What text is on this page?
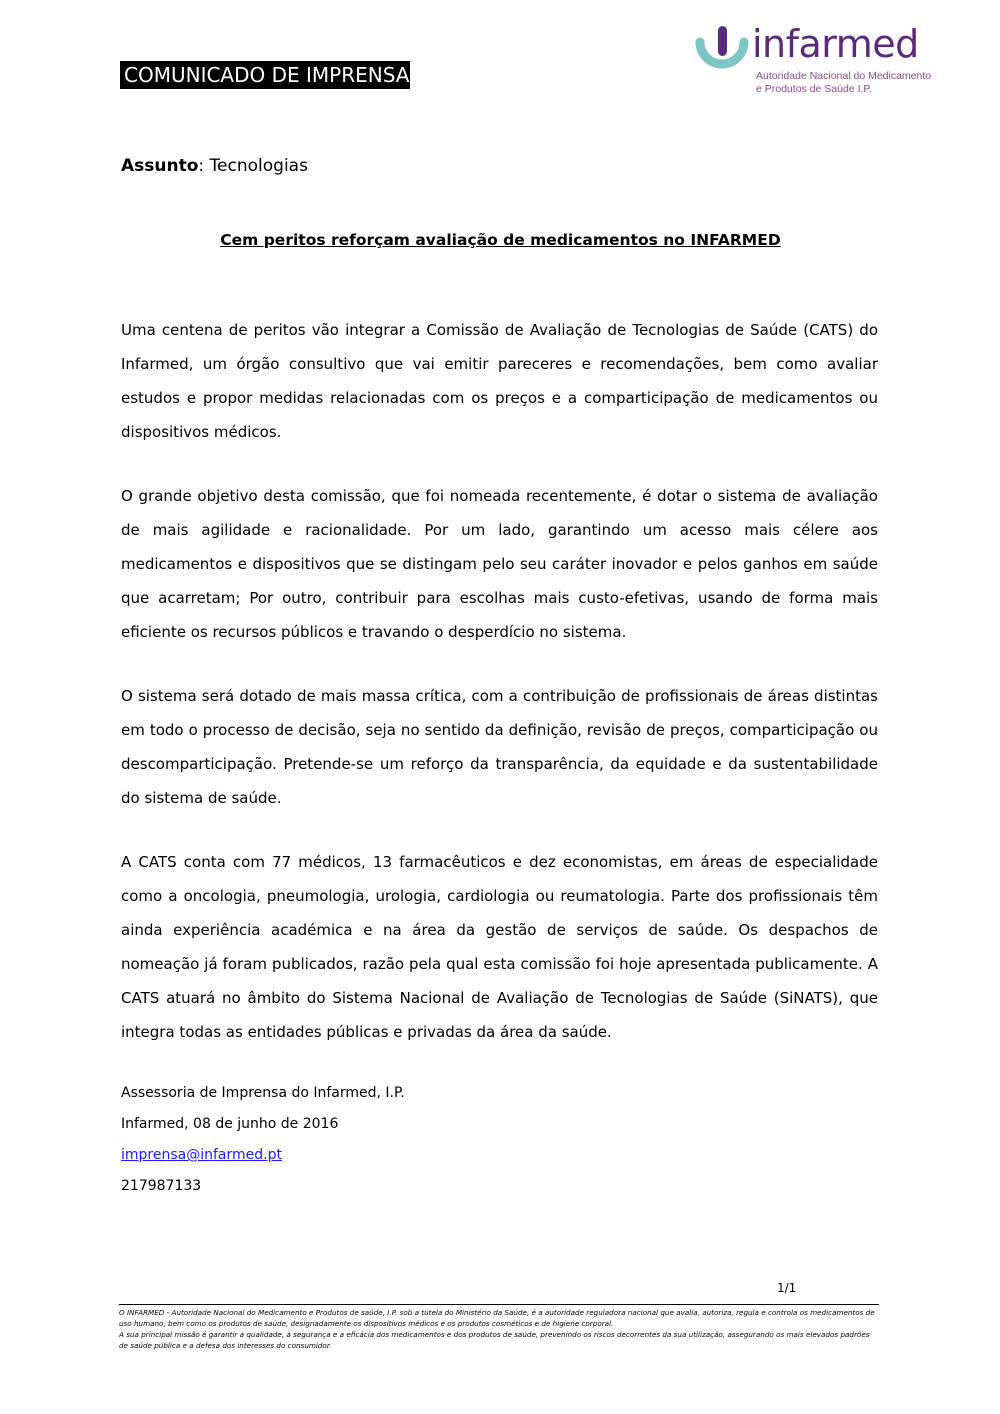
COMUNICADO DE IMPRENSA
infarmed
Autoridade Nacional do Medicamento
e Produtos de Saúde I.P.
Assunto: Tecnologias
Cem peritos reforçam avaliação de medicamentos no INFARMED

Uma centena de peritos vão integrar a Comissão de Avaliação de Tecnologias de Saúde (CATS) do Infarmed, um órgão consultivo que vai emitir pareceres e recomendações, bem como avaliar estudos e propor medidas relacionadas com os preços e a comparticipação de medicamentos ou dispositivos médicos.

O grande objetivo desta comissão, que foi nomeada recentemente, é dotar o sistema de avaliação de mais agilidade e racionalidade. Por um lado, garantindo um acesso mais célere aos medicamentos e dispositivos que se distingam pelo seu caráter inovador e pelos ganhos em saúde que acarretam; Por outro, contribuir para escolhas mais custo-efetivas, usando de forma mais eficiente os recursos públicos e travando o desperdício no sistema.

O sistema será dotado de mais massa crítica, com a contribuição de profissionais de áreas distintas em todo o processo de decisão, seja no sentido da definição, revisão de preços, comparticipação ou descomparticipação. Pretende-se um reforço da transparência, da equidade e da sustentabilidade do sistema de saúde.

A CATS conta com 77 médicos, 13 farmacêuticos e dez economistas, em áreas de especialidade como a oncologia, pneumologia, urologia, cardiologia ou reumatologia. Parte dos profissionais têm ainda experiência académica e na área da gestão de serviços de saúde. Os despachos de nomeação já foram publicados, razão pela qual esta comissão foi hoje apresentada publicamente. A CATS atuará no âmbito do Sistema Nacional de Avaliação de Tecnologias de Saúde (SiNATS), que integra todas as entidades públicas e privadas da área da saúde.

Assessoria de Imprensa do Infarmed, I.P.
Infarmed, 08 de junho de 2016
imprensa@infarmed.pt
217987133
1/1

O INFARMED - Autoridade Nacional do Medicamento e Produtos de saúde, I.P. sob a tutela do Ministério da Saúde, é a autoridade reguladora nacional que avalia, autoriza, regula e controla os medicamentos de uso humano, bem como os produtos de saúde, designadamente os dispositivos médicos e os produtos cosméticos e de higiene corporal.

A sua principal missão é garantir a qualidade, a segurança e a eficácia dos medicamentos e dos produtos de saúde, prevenindo os riscos decorrentes da sua utilização, assegurando os mais elevados padrões de saúde pública e a defesa dos interesses do consumidor.
